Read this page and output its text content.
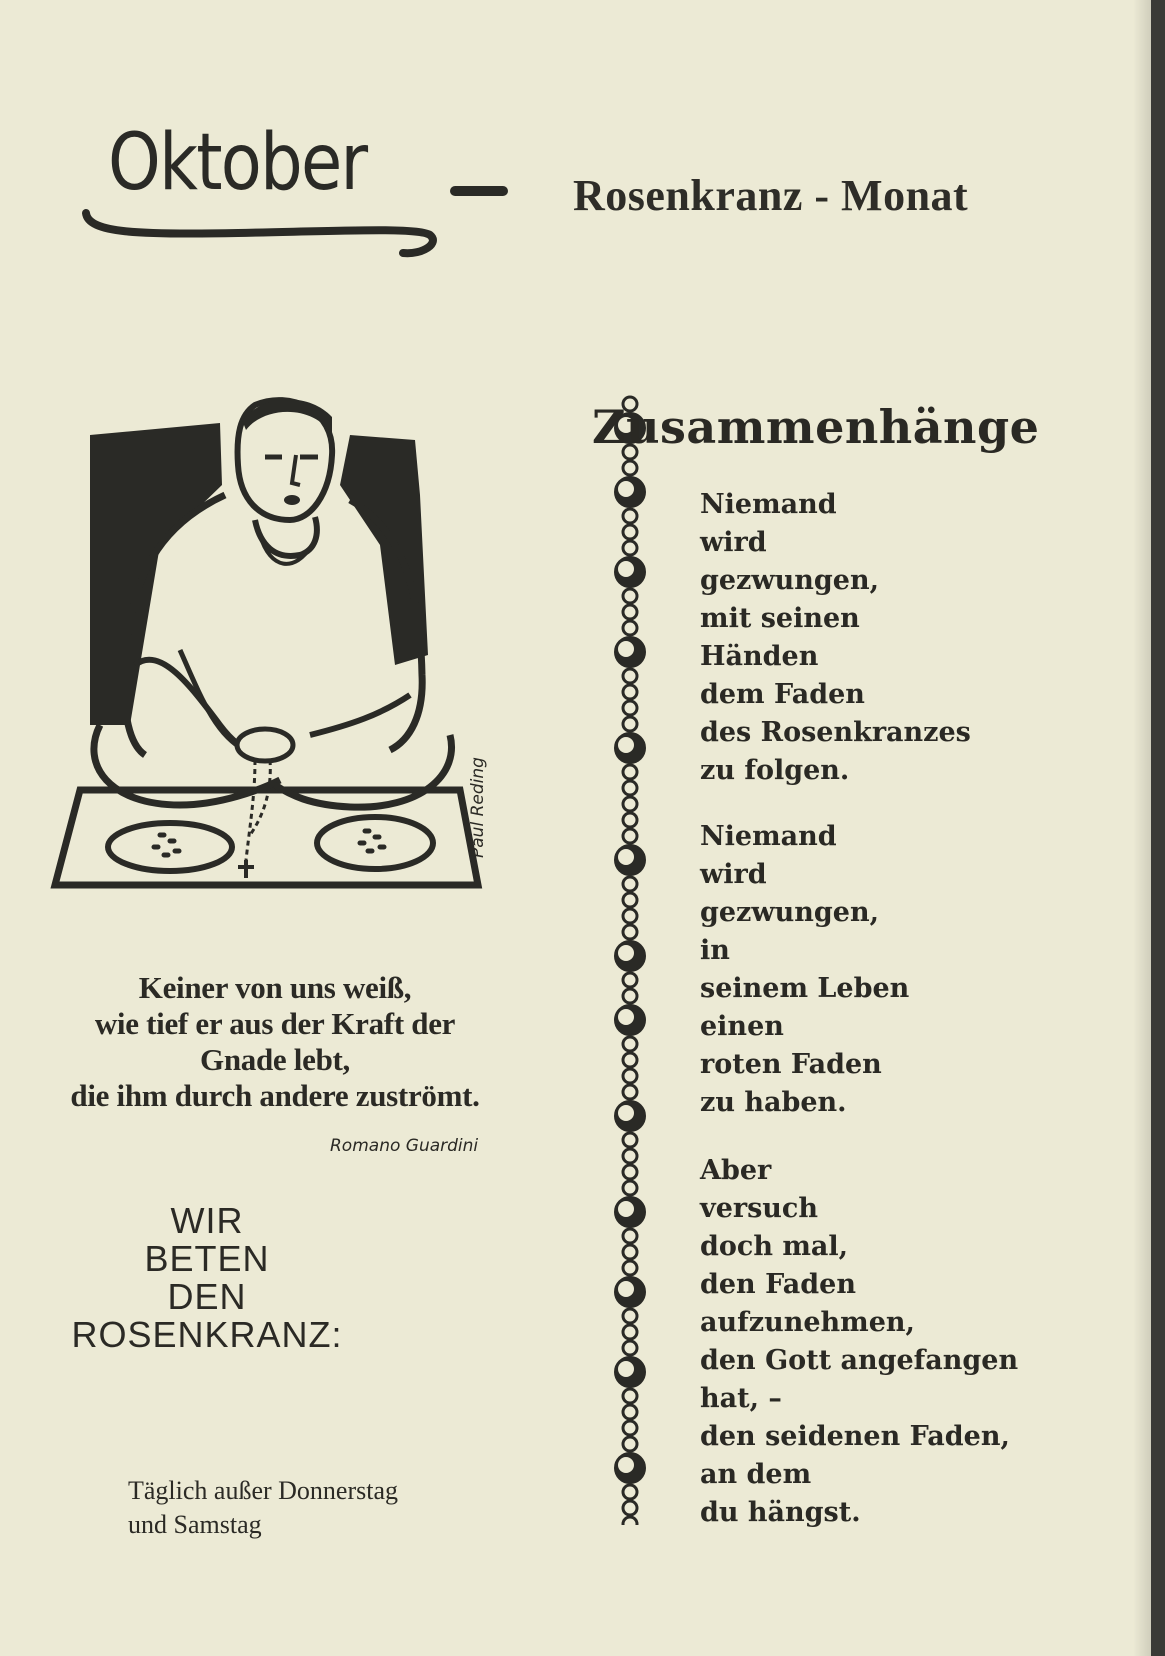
Oktober	Rosenkranz - Monat
Paul Reding
Keiner von uns weiß,
wie tief er aus der Kraft der
Gnade lebt,
die ihm durch andere zuströmt.
Romano Guardini
WIR
BETEN
DEN
ROSENKRANZ:
Täglich außer Donnerstag
und Samstag
Zusammenhänge
Niemand
wird
gezwungen,
mit seinen
Händen
dem Faden
des Rosenkranzes
zu folgen.
Niemand
wird
gezwungen,
in
seinem Leben
einen
roten Faden
zu haben.
Aber
versuch
doch mal,
den Faden
aufzunehmen,
den Gott angefangen
hat, –
den seidenen Faden,
an dem
du hängst.
